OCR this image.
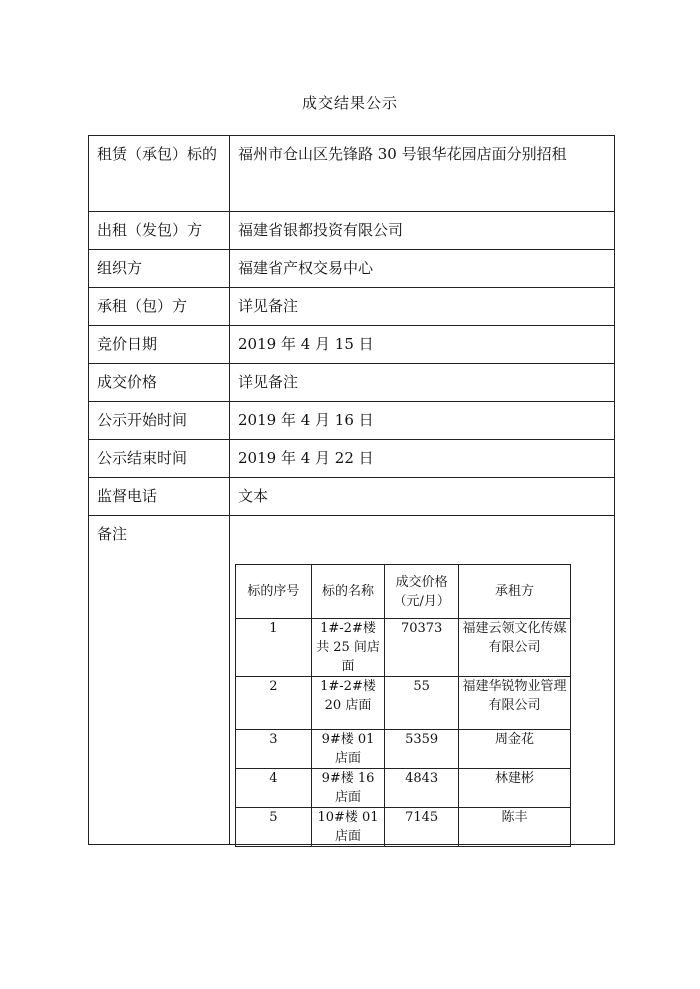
成交结果公示
租赁（承包）标的	福州市仓山区先锋路 30 号银华花园店面分别招租
出租（发包）方	福建省银都投资有限公司
组织方	福建省产权交易中心
承租（包）方	详见备注
竞价日期	2019 年 4 月 15 日
成交价格	详见备注
公示开始时间	2019 年 4 月 16 日
公示结束时间	2019 年 4 月 22 日
监督电话	文本
备注	
标的序号	标的名称	成交价格（元/月）	承租方
1	1#-2#楼共 25 间店面	70373	福建云领文化传媒有限公司
2	1#-2#楼 20 店面	55	福建华锐物业管理有限公司
3	9#楼 01 店面	5359	周金花
4	9#楼 16 店面	4843	林建彬
5	10#楼 01 店面	7145	陈丰
